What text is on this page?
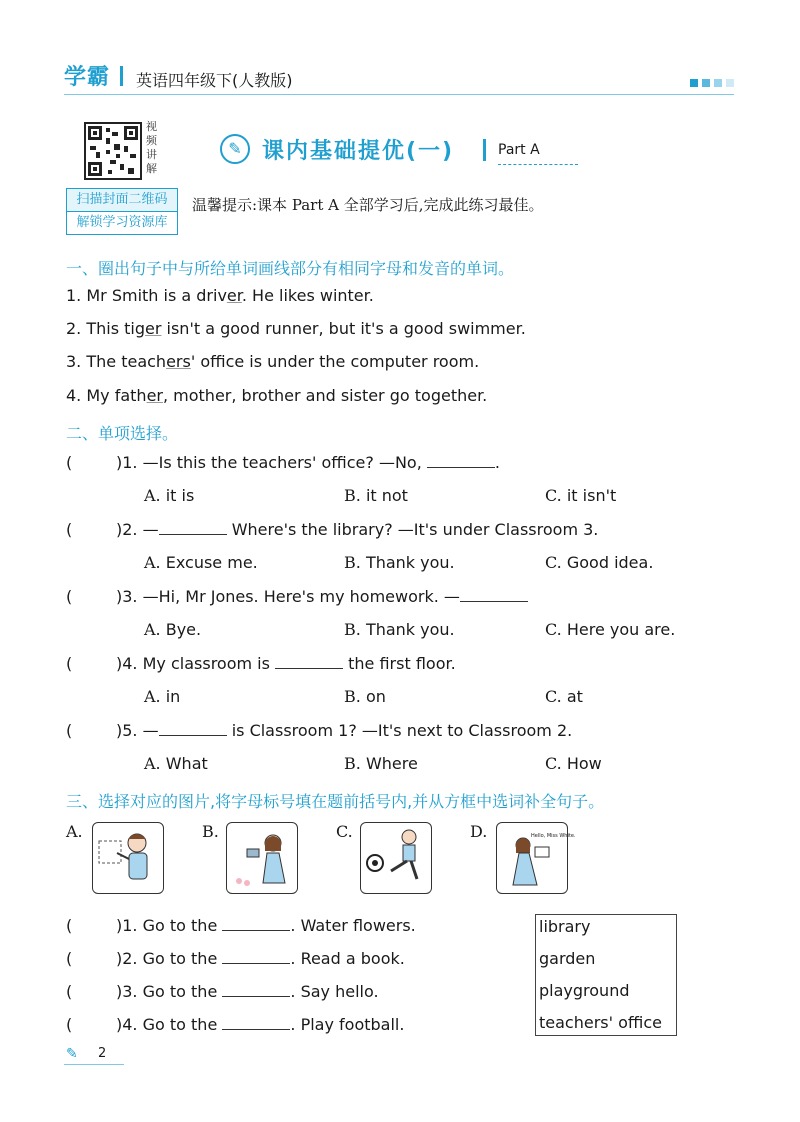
学霸 英语四年级下(人教版)
视频讲解
扫描封面二维码
解锁学习资源库
✎ 课内基础提优(一)	Part A
温馨提示:课本 Part A 全部学习后,完成此练习最佳。
一、圈出句子中与所给单词画线部分有相同字母和发音的单词。
1. Mr Smith is a driver. He likes winter.
2. This tiger isn't a good runner, but it's a good swimmer.
3. The teachers' office is under the computer room.
4. My father, mother, brother and sister go together.
二、单项选择。
(	)1. —Is this the teachers' office? —No,	.
A. it is	B. it not	C. it isn't
(	)2. —	Where's the library? —It's under Classroom 3.
A. Excuse me.	B. Thank you.	C. Good idea.
(	)3. —Hi, Mr Jones. Here's my homework. —
A. Bye.	B. Thank you.	C. Here you are.
(	)4. My classroom is	the first floor.
A. in	B. on	C. at
(	)5. —	is Classroom 1? —It's next to Classroom 2.
A. What	B. Where	C. How
三、选择对应的图片,将字母标号填在题前括号内,并从方框中选词补全句子。
A.	B.	C.	D.	Hello, Miss White.
(	)1. Go to the	. Water flowers.
(	)2. Go to the	. Read a book.
(	)3. Go to the	. Say hello.
(	)4. Go to the	. Play football.
library
garden
playground
teachers' office
✎ 2
